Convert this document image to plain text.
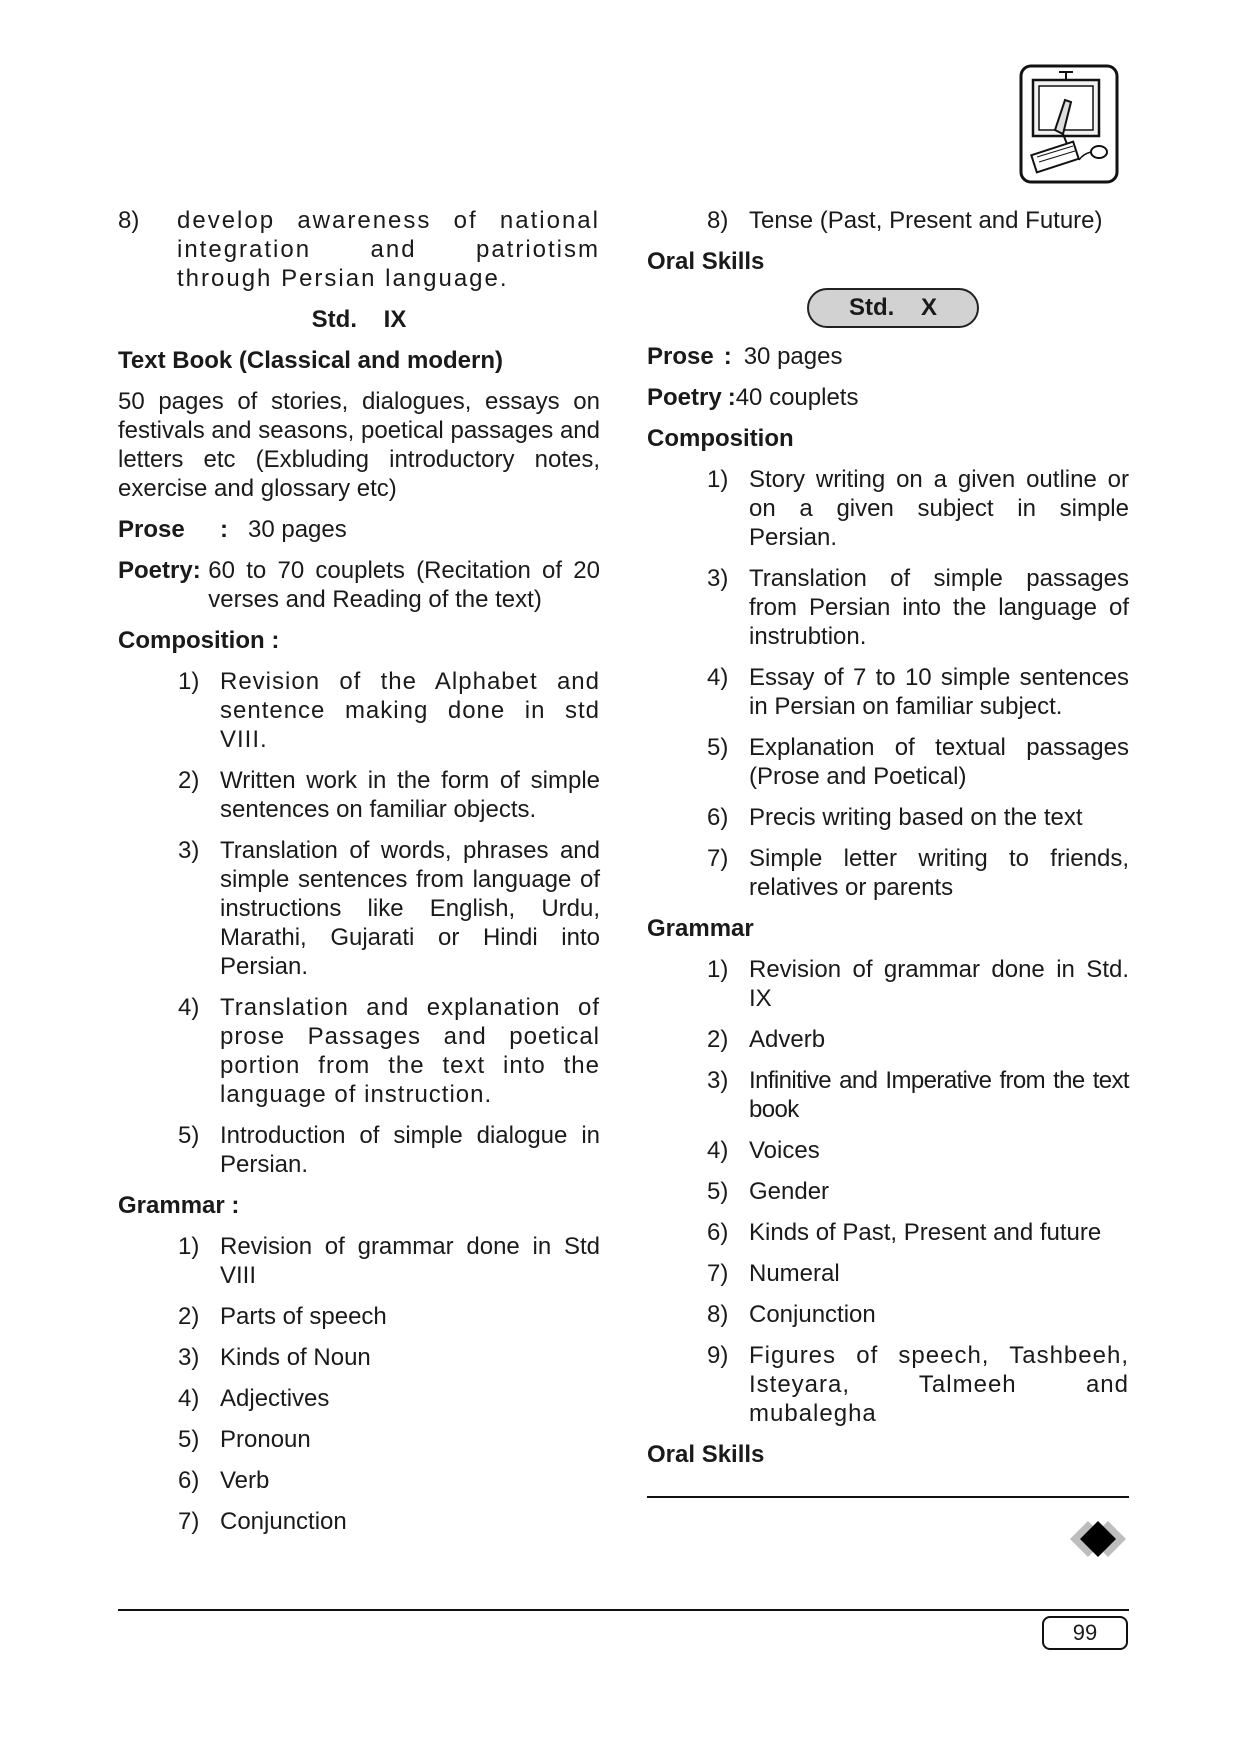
8)	develop awareness of national integration and patriotism through Persian language.
Std.    IX
Text Book (Classical and modern)
50 pages of stories, dialogues, essays on festivals and seasons, poetical passages and letters etc (Exbluding introductory notes, exercise and glossary etc)
Prose	: 30 pages
Poetry : 60 to 70 couplets (Recitation of 20 verses and Reading of the text)
Composition :
1) Revision of the Alphabet and sentence making done in std VIII.
2) Written work in the form of simple sentences on familiar objects.
3) Translation of words, phrases and simple sentences from language of instructions like English, Urdu, Marathi, Gujarati or Hindi into Persian.
4) Translation and explanation of prose Passages and poetical portion from the text into the language of instruction.
5) Introduction of simple dialogue in Persian.
Grammar :
1) Revision of grammar done in Std VIII
2) Parts of speech
3) Kinds of Noun
4) Adjectives
5) Pronoun
6) Verb
7) Conjunction
8) Tense (Past, Present and Future)
Oral Skills
Std.    X
Prose : 30 pages
Poetry : 40 couplets
Composition
1) Story writing on a given outline or on a given subject in simple Persian.
3) Translation of simple passages from Persian into the language of instrubtion.
4) Essay of 7 to 10 simple sentences in Persian on familiar subject.
5) Explanation of textual passages (Prose and Poetical)
6) Precis writing based on the text
7) Simple letter writing to friends, relatives or parents
Grammar
1) Revision of grammar done in Std. IX
2) Adverb
3) Infinitive and Imperative from the text book
4) Voices
5) Gender
6) Kinds of Past, Present and future
7) Numeral
8) Conjunction
9) Figures of speech, Tashbeeh, Isteyara, Talmeeh and mubalegha
Oral Skills
99
